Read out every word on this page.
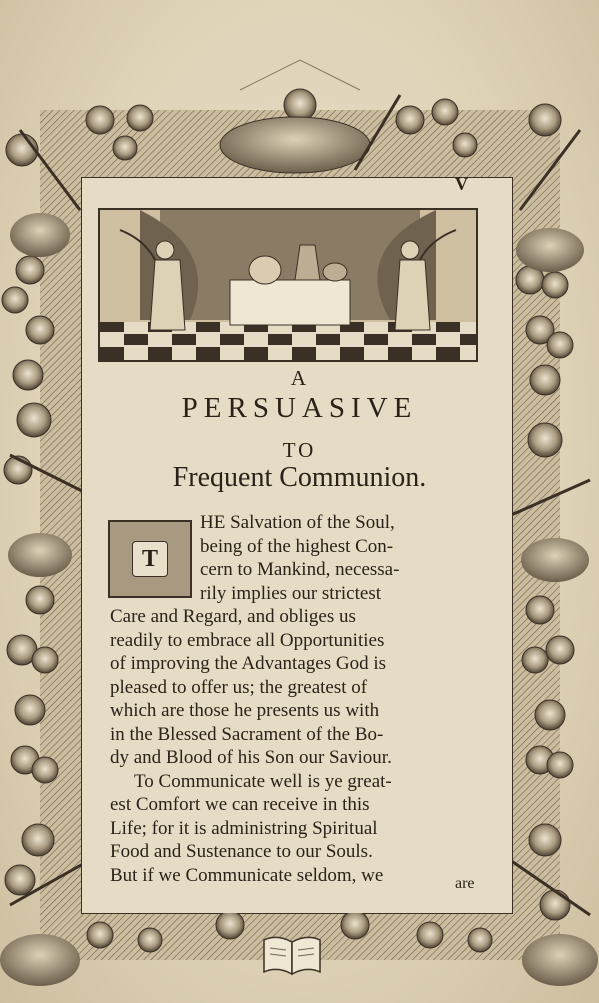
V
A
PERSUASIVE
TO
Frequent Communion.
T
HE Salvation of the Soul,
being of the highest Con-
cern to Mankind, necessa-
rily implies our strictest
Care and Regard, and obliges us
readily to embrace all Opportunities
of improving the Advantages God is
pleased to offer us; the greatest of
which are those he presents us with
in the Blessed Sacrament of the Bo-
dy and Blood of his Son our Saviour.
To Communicate well is ye great-
est Comfort we can receive in this
Life; for it is administring Spiritual
Food and Sustenance to our Souls.
But if we Communicate seldom, we	are
